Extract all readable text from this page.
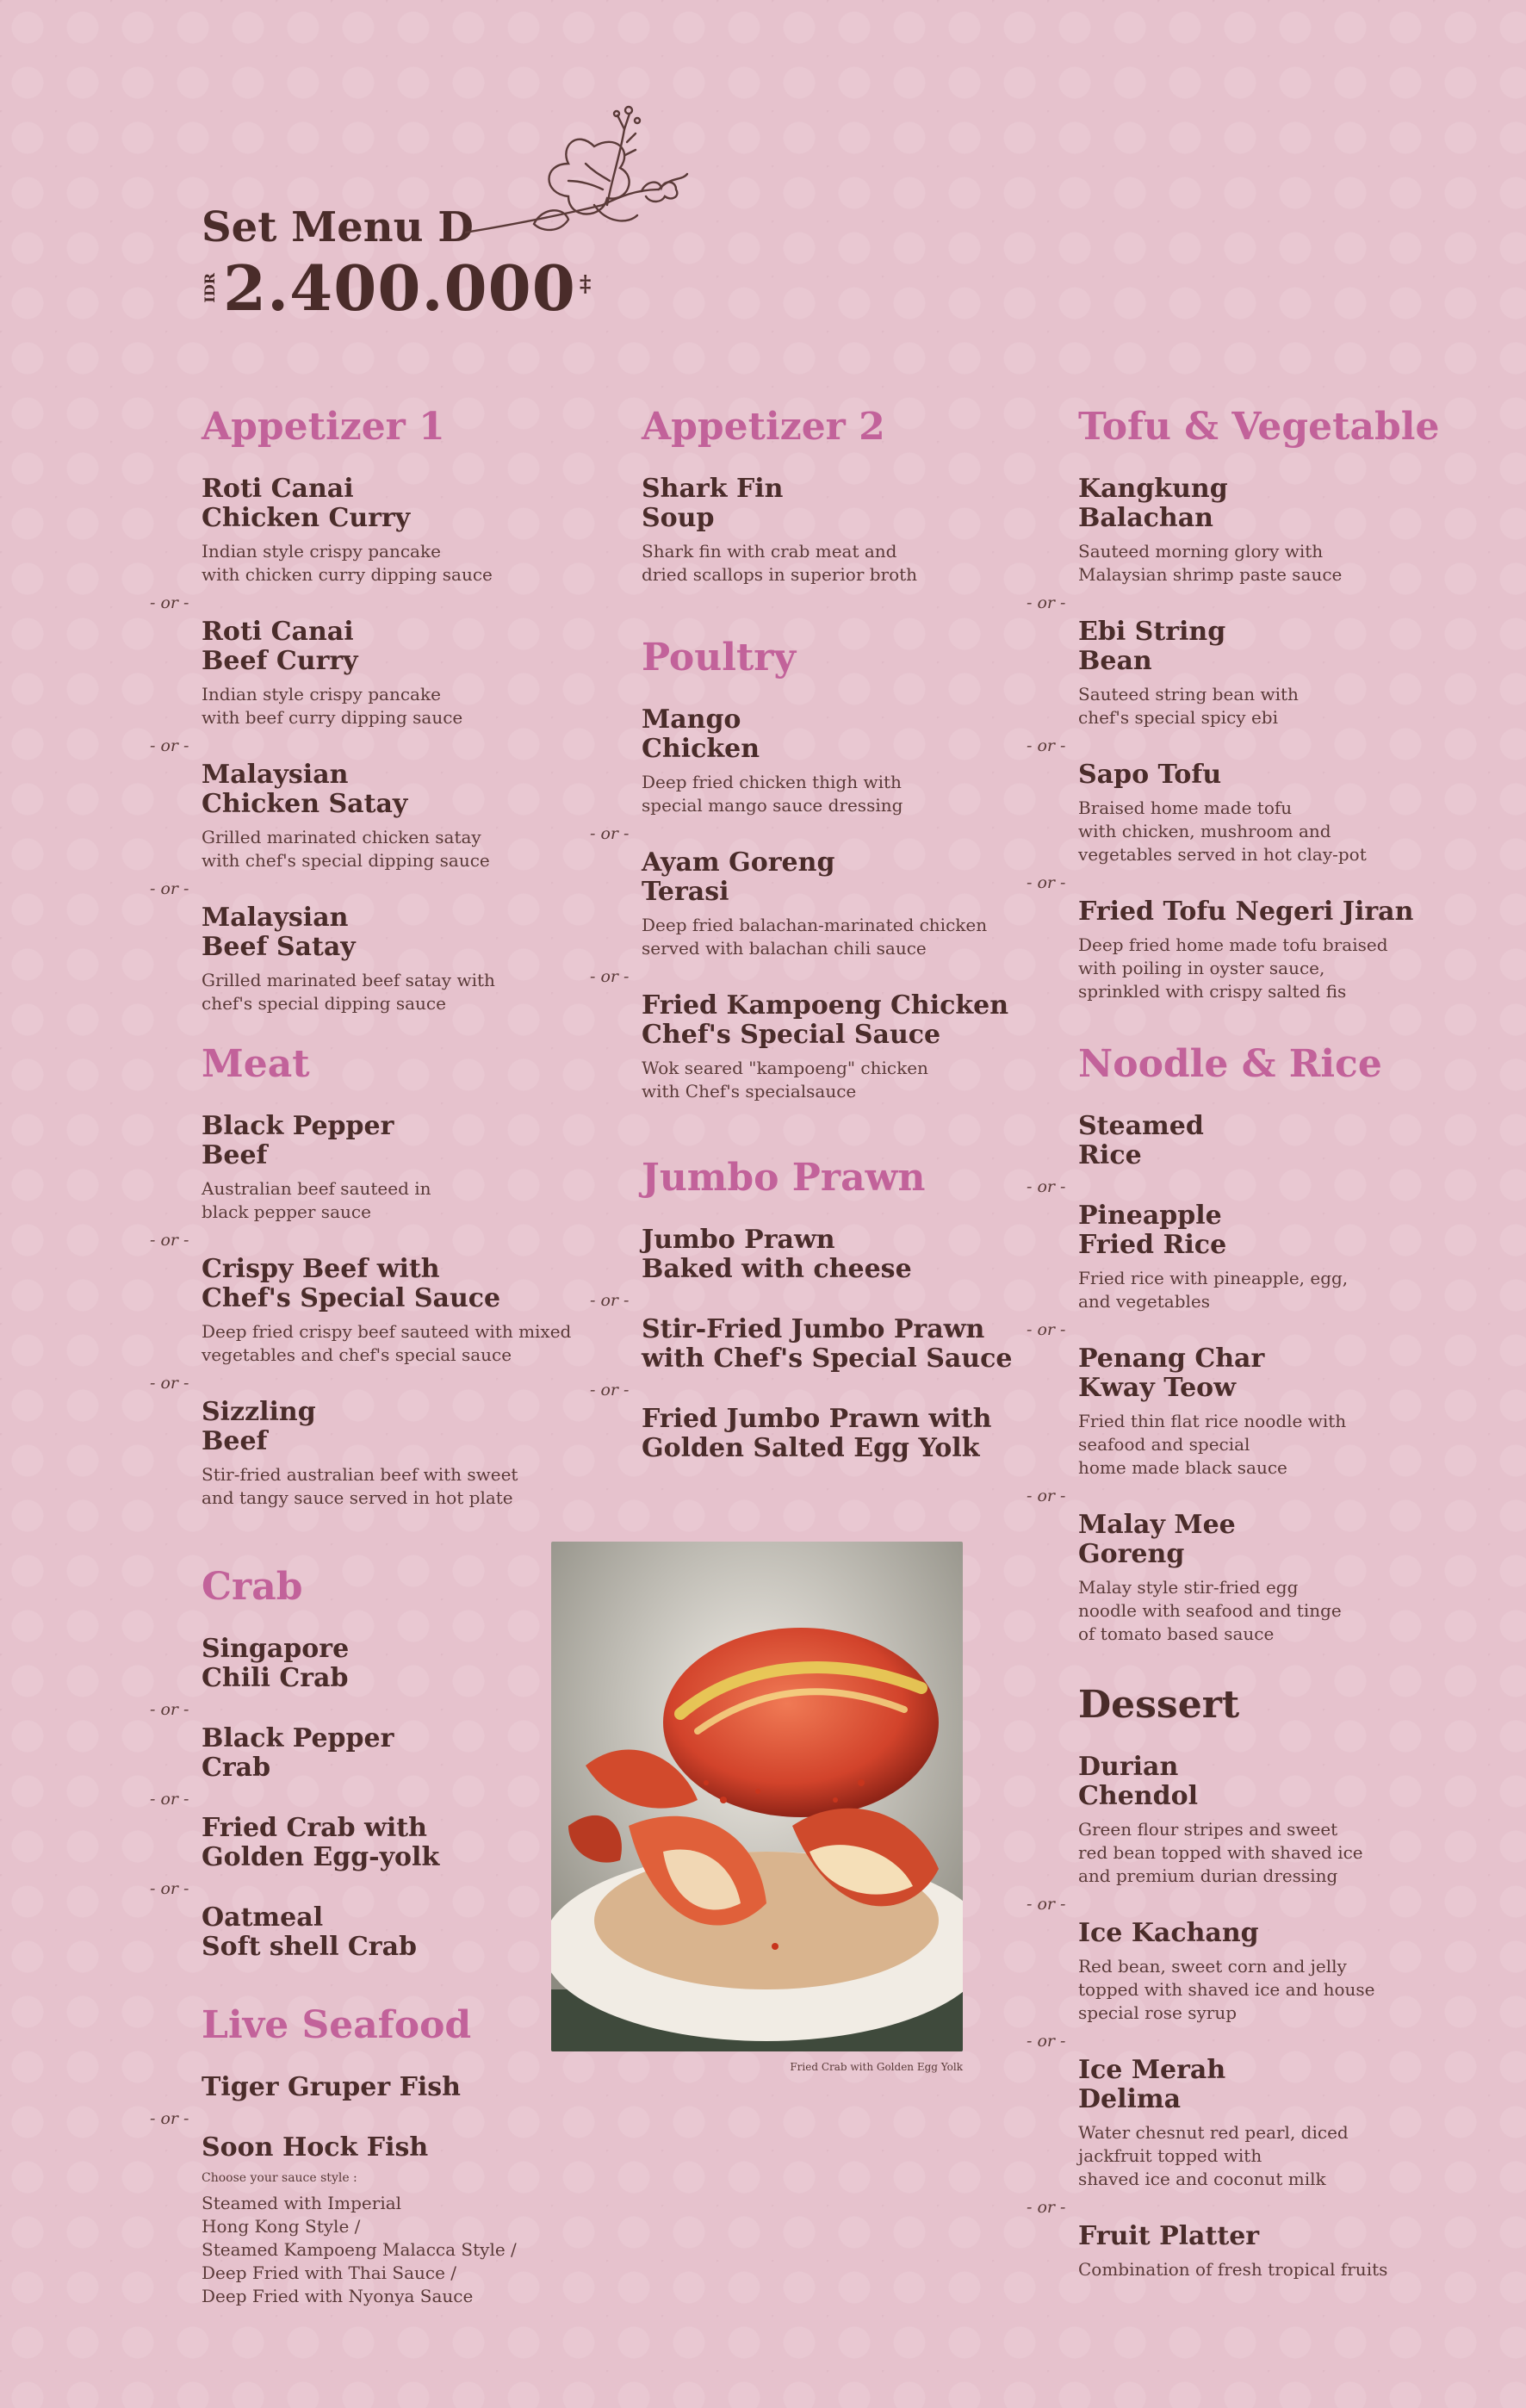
Set Menu D
IDR 2.400.000 ‡
Appetizer 1
Roti Canai
Chicken Curry
Indian style crispy pancake
with chicken curry dipping sauce
- or -
Roti Canai
Beef Curry
Indian style crispy pancake
with beef curry dipping sauce
- or -
Malaysian
Chicken Satay
Grilled marinated chicken satay
with chef's special dipping sauce
- or -
Malaysian
Beef Satay
Grilled marinated beef satay with
chef's special dipping sauce
Meat
Black Pepper
Beef
Australian beef sauteed in
black pepper sauce
- or -
Crispy Beef with
Chef's Special Sauce
Deep fried crispy beef sauteed with mixed
vegetables and chef's special sauce
- or -
Sizzling
Beef
Stir-fried australian beef with sweet
and tangy sauce served in hot plate
Crab
Singapore
Chili Crab
- or -
Black Pepper
Crab
- or -
Fried Crab with
Golden Egg-yolk
- or -
Oatmeal
Soft shell Crab
Live Seafood
Tiger Gruper Fish
- or -
Soon Hock Fish
Choose your sauce style :
Steamed with Imperial
Hong Kong Style /
Steamed Kampoeng Malacca Style /
Deep Fried with Thai Sauce /
Deep Fried with Nyonya Sauce
Appetizer 2
Shark Fin
Soup
Shark fin with crab meat and
dried scallops in superior broth
Poultry
Mango
Chicken
Deep fried chicken thigh with
special mango sauce dressing
- or -
Ayam Goreng
Terasi
Deep fried balachan-marinated chicken
served with balachan chili sauce
- or -
Fried Kampoeng Chicken
Chef's Special Sauce
Wok seared "kampoeng" chicken
with Chef's specialsauce
Jumbo Prawn
Jumbo Prawn
Baked with cheese
- or -
Stir-Fried Jumbo Prawn
with Chef's Special Sauce
- or -
Fried Jumbo Prawn with
Golden Salted Egg Yolk
Fried Crab with Golden Egg Yolk
Tofu & Vegetable
Kangkung
Balachan
Sauteed morning glory with
Malaysian shrimp paste sauce
- or -
Ebi String
Bean
Sauteed string bean with
chef's special spicy ebi
- or -
Sapo Tofu
Braised home made tofu
with chicken, mushroom and
vegetables served in hot clay-pot
- or -
Fried Tofu Negeri Jiran
Deep fried home made tofu braised
with poiling in oyster sauce,
sprinkled with crispy salted fis
Noodle & Rice
Steamed
Rice
- or -
Pineapple
Fried Rice
Fried rice with pineapple, egg,
and vegetables
- or -
Penang Char
Kway Teow
Fried thin flat rice noodle with
seafood and special
home made black sauce
- or -
Malay Mee
Goreng
Malay style stir-fried egg
noodle with seafood and tinge
of tomato based sauce
Dessert
Durian
Chendol
Green flour stripes and sweet
red bean topped with shaved ice
and premium durian dressing
- or -
Ice Kachang
Red bean, sweet corn and jelly
topped with shaved ice and house
special rose syrup
- or -
Ice Merah
Delima
Water chesnut red pearl, diced
jackfruit topped with
shaved ice and coconut milk
- or -
Fruit Platter
Combination of fresh tropical fruits
